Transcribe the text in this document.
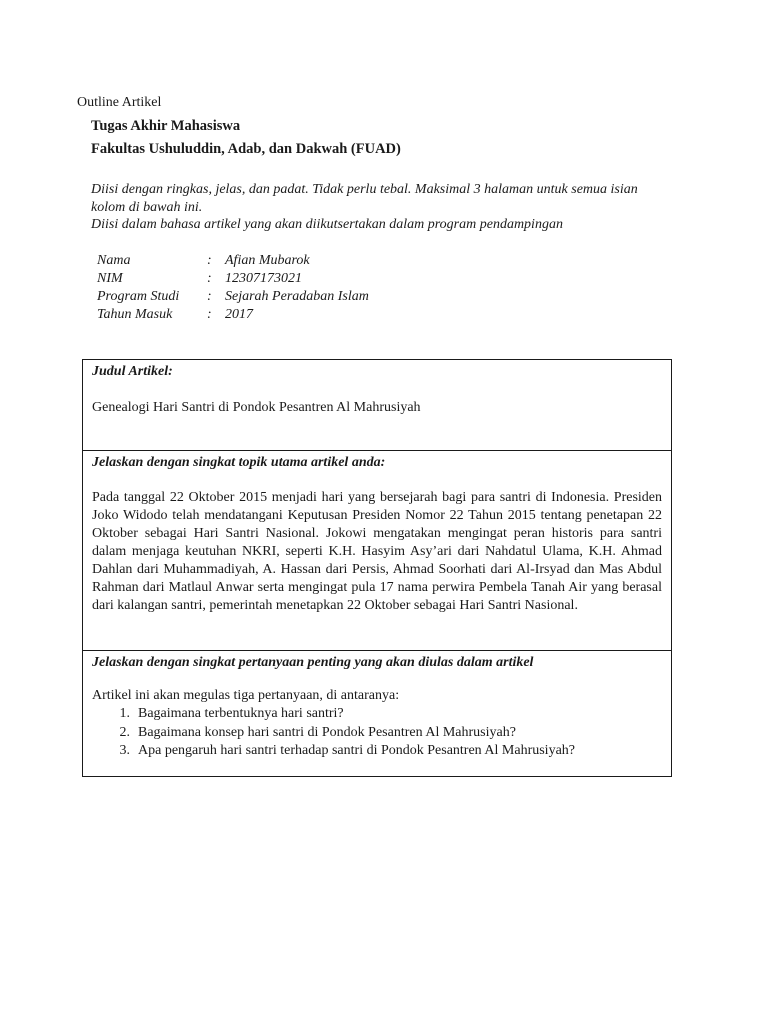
Outline Artikel
Tugas Akhir Mahasiswa
Fakultas Ushuluddin, Adab, dan Dakwah (FUAD)

Diisi dengan ringkas, jelas, dan padat. Tidak perlu tebal. Maksimal 3 halaman untuk semua isian kolom di bawah ini.

Diisi dalam bahasa artikel yang akan diikutsertakan dalam program pendampingan

Nama	:	Afian Mubarok
NIM	:	12307173021
Program Studi	:	Sejarah Peradaban Islam
Tahun Masuk	:	2017
Judul Artikel:
Genealogi Hari Santri di Pondok Pesantren Al Mahrusiyah
Jelaskan dengan singkat topik utama artikel anda:
Pada tanggal 22 Oktober 2015 menjadi hari yang bersejarah bagi para santri di Indonesia. Presiden Joko Widodo telah mendatangani Keputusan Presiden Nomor 22 Tahun 2015 tentang penetapan 22 Oktober sebagai Hari Santri Nasional. Jokowi mengatakan mengingat peran historis para santri dalam menjaga keutuhan NKRI, seperti K.H. Hasyim Asy’ari dari Nahdatul Ulama, K.H. Ahmad Dahlan dari Muhammadiyah, A. Hassan dari Persis, Ahmad Soorhati dari Al-Irsyad dan Mas Abdul Rahman dari Matlaul Anwar serta mengingat pula 17 nama perwira Pembela Tanah Air yang berasal dari kalangan santri, pemerintah menetapkan 22 Oktober sebagai Hari Santri Nasional.
Jelaskan dengan singkat pertanyaan penting yang akan diulas dalam artikel
Artikel ini akan megulas tiga pertanyaan, di antaranya:
1. Bagaimana terbentuknya hari santri?
2. Bagaimana konsep hari santri di Pondok Pesantren Al Mahrusiyah?
3. Apa pengaruh hari santri terhadap santri di Pondok Pesantren Al Mahrusiyah?
